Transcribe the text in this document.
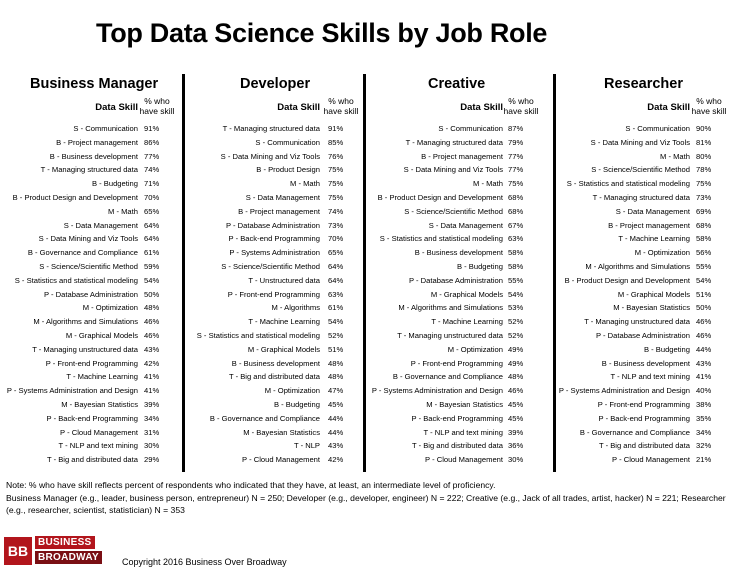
Top Data Science Skills by Job Role
Business Manager
Data Skill
% who
have skill
S - Communication 91%
B - Project management 86%
B - Business development 77%
T - Managing structured data 74%
B - Budgeting 71%
B - Product Design and Development 70%
M - Math 65%
S - Data Management 64%
S - Data Mining and Viz Tools 64%
B - Governance and Compliance 61%
S - Science/Scientific Method 59%
S - Statistics and statistical modeling 54%
P - Database Administration 50%
M - Optimization 48%
M - Algorithms and Simulations 46%
M - Graphical Models 46%
T - Managing unstructured data 43%
P - Front-end Programming 42%
T - Machine Learning 41%
P - Systems Administration and Design 41%
M - Bayesian Statistics 39%
P - Back-end Programming 34%
P - Cloud Management 31%
T - NLP and text mining 30%
T - Big and distributed data 29%
Developer
Data Skill
% who
have skill
T - Managing structured data 91%
S - Communication 85%
S - Data Mining and Viz Tools 76%
B - Product Design 75%
M - Math 75%
S - Data Management 75%
B - Project management 74%
P - Database Administration 73%
P - Back-end Programming 70%
P - Systems Administration 65%
S - Science/Scientific Method 64%
T - Unstructured data 64%
P - Front-end Programming 63%
M - Algorithms 61%
T - Machine Learning 54%
S - Statistics and statistical modeling 52%
M - Graphical Models 51%
B - Business development 48%
T - Big and distributed data 48%
M - Optimization 47%
B - Budgeting 45%
B - Governance and Compliance 44%
M - Bayesian Statistics 44%
T - NLP 43%
P - Cloud Management 42%
Creative
Data Skill
% who
have skill
S - Communication 87%
T - Managing structured data 79%
B - Project management 77%
S - Data Mining and Viz Tools 77%
M - Math 75%
B - Product Design and Development 68%
S - Science/Scientific Method 68%
S - Data Management 67%
S - Statistics and statistical modeling 63%
B - Business development 58%
B - Budgeting 58%
P - Database Administration 55%
M - Graphical Models 54%
M - Algorithms and Simulations 53%
T - Machine Learning 52%
T - Managing unstructured data 52%
M - Optimization 49%
P - Front-end Programming 49%
B - Governance and Compliance 48%
P - Systems Administration and Design 46%
M - Bayesian Statistics 45%
P - Back-end Programming 45%
T - NLP and text mining 39%
T - Big and distributed data 36%
P - Cloud Management 30%
Researcher
Data Skill
% who
have skill
S - Communication 90%
S - Data Mining and Viz Tools 81%
M - Math 80%
S - Science/Scientific Method 78%
S - Statistics and statistical modeling 75%
T - Managing structured data 73%
S - Data Management 69%
B - Project management 68%
T - Machine Learning 58%
M - Optimization 56%
M - Algorithms and Simulations 55%
B - Product Design and Development 54%
M - Graphical Models 51%
M - Bayesian Statistics 50%
T - Managing unstructured data 46%
P - Database Administration 46%
B - Budgeting 44%
B - Business development 43%
T - NLP and text mining 41%
P - Systems Administration and Design 40%
P - Front-end Programming 38%
P - Back-end Programming 35%
B - Governance and Compliance 34%
T - Big and distributed data 32%
P - Cloud Management 21%
Note: % who have skill reflects percent of respondents who indicated that they have, at least, an intermediate level of proficiency.
Business Manager (e.g., leader, business person, entrepreneur) N = 250; Developer (e.g., developer, engineer) N = 222; Creative (e.g., Jack of all trades, artist, hacker) N = 221; Researcher (e.g., researcher, scientist, statistician) N = 353
BB
BUSINESS
BROADWAY	Copyright 2016 Business Over Broadway
